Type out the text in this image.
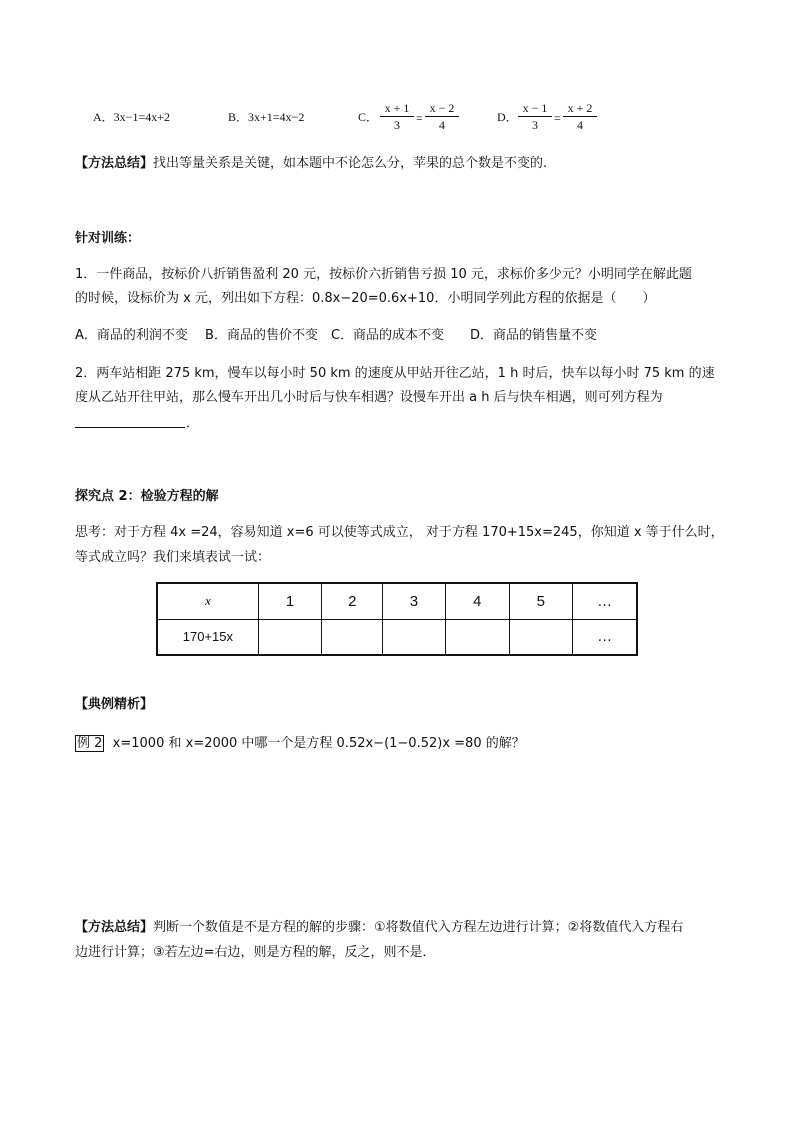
A．3x−1=4x+2	B．3x+1=4x−2	C．
x + 1
3	=
x − 2
4
D．
x − 1
3	=
x + 2
4
【方法总结】找出等量关系是关键，如本题中不论怎么分，苹果的总个数是不变的.
针对训练：
1．一件商品，按标价八折销售盈利 20 元，按标价六折销售亏损 10 元，求标价多少元？小明同学在解此题
的时候，设标价为 x 元，列出如下方程：0.8x−20=0.6x+10．小明同学列此方程的依据是（　　）
A．商品的利润不变　 B．商品的售价不变　C．商品的成本不变　　D．商品的销售量不变
2．两车站相距 275 km，慢车以每小时 50 km 的速度从甲站开往乙站，1 h 时后，快车以每小时 75 km 的速
度从乙站开往甲站，那么慢车开出几小时后与快车相遇？设慢车开出 a h 后与快车相遇，则可列方程为
．
探究点 2：检验方程的解
思考：对于方程 4x =24，容易知道 x=6 可以使等式成立， 对于方程 170+15x=245，你知道 x 等于什么时，
等式成立吗？我们来填表试一试：
x	1	2	3	4	5	…
170+15x						…
【典例精析】
例 2 x=1000 和 x=2000 中哪一个是方程 0.52x−(1−0.52)x =80 的解？
【方法总结】判断一个数值是不是方程的解的步骤：①将数值代入方程左边进行计算；②将数值代入方程右
边进行计算；③若左边=右边，则是方程的解，反之，则不是．
